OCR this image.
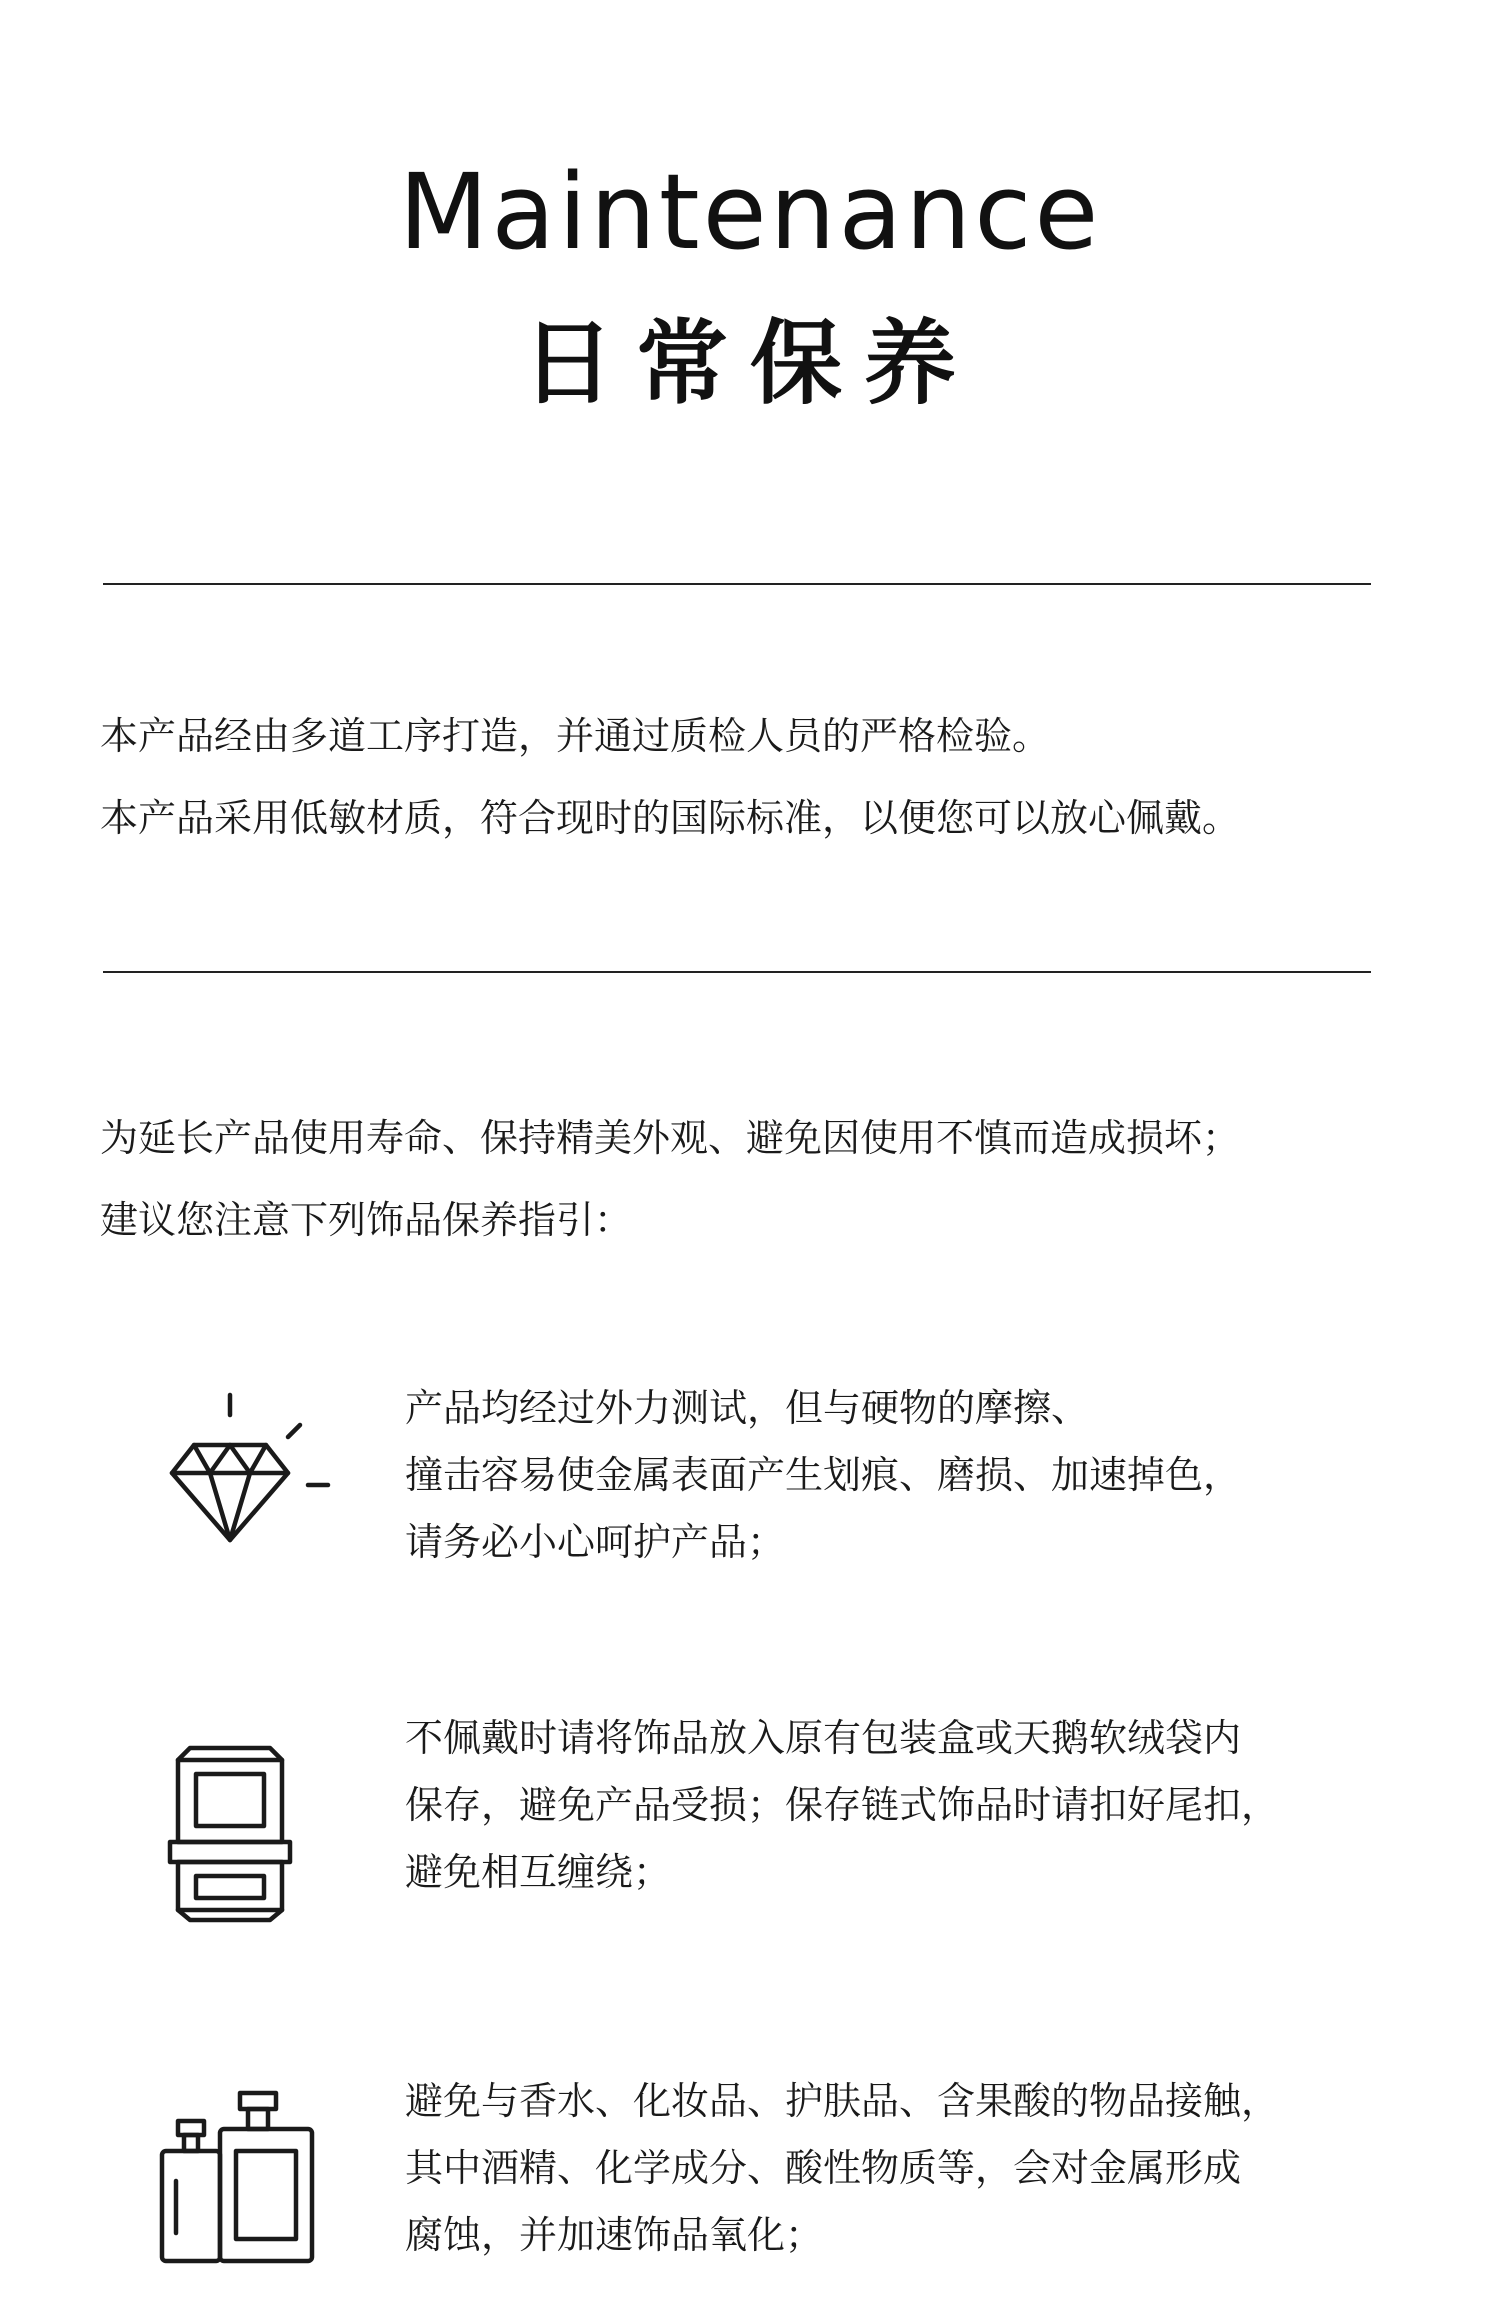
Maintenance
日常保养
本产品经由多道工序打造，并通过质检人员的严格检验。
本产品采用低敏材质，符合现时的国际标准，以便您可以放心佩戴。
为延长产品使用寿命、保持精美外观、避免因使用不慎而造成损坏；
建议您注意下列饰品保养指引：
产品均经过外力测试，但与硬物的摩擦、
撞击容易使金属表面产生划痕、磨损、加速掉色，
请务必小心呵护产品；
不佩戴时请将饰品放入原有包装盒或天鹅软绒袋内
保存，避免产品受损；保存链式饰品时请扣好尾扣，
避免相互缠绕；
避免与香水、化妆品、护肤品、含果酸的物品接触，
其中酒精、化学成分、酸性物质等，会对金属形成
腐蚀，并加速饰品氧化；
